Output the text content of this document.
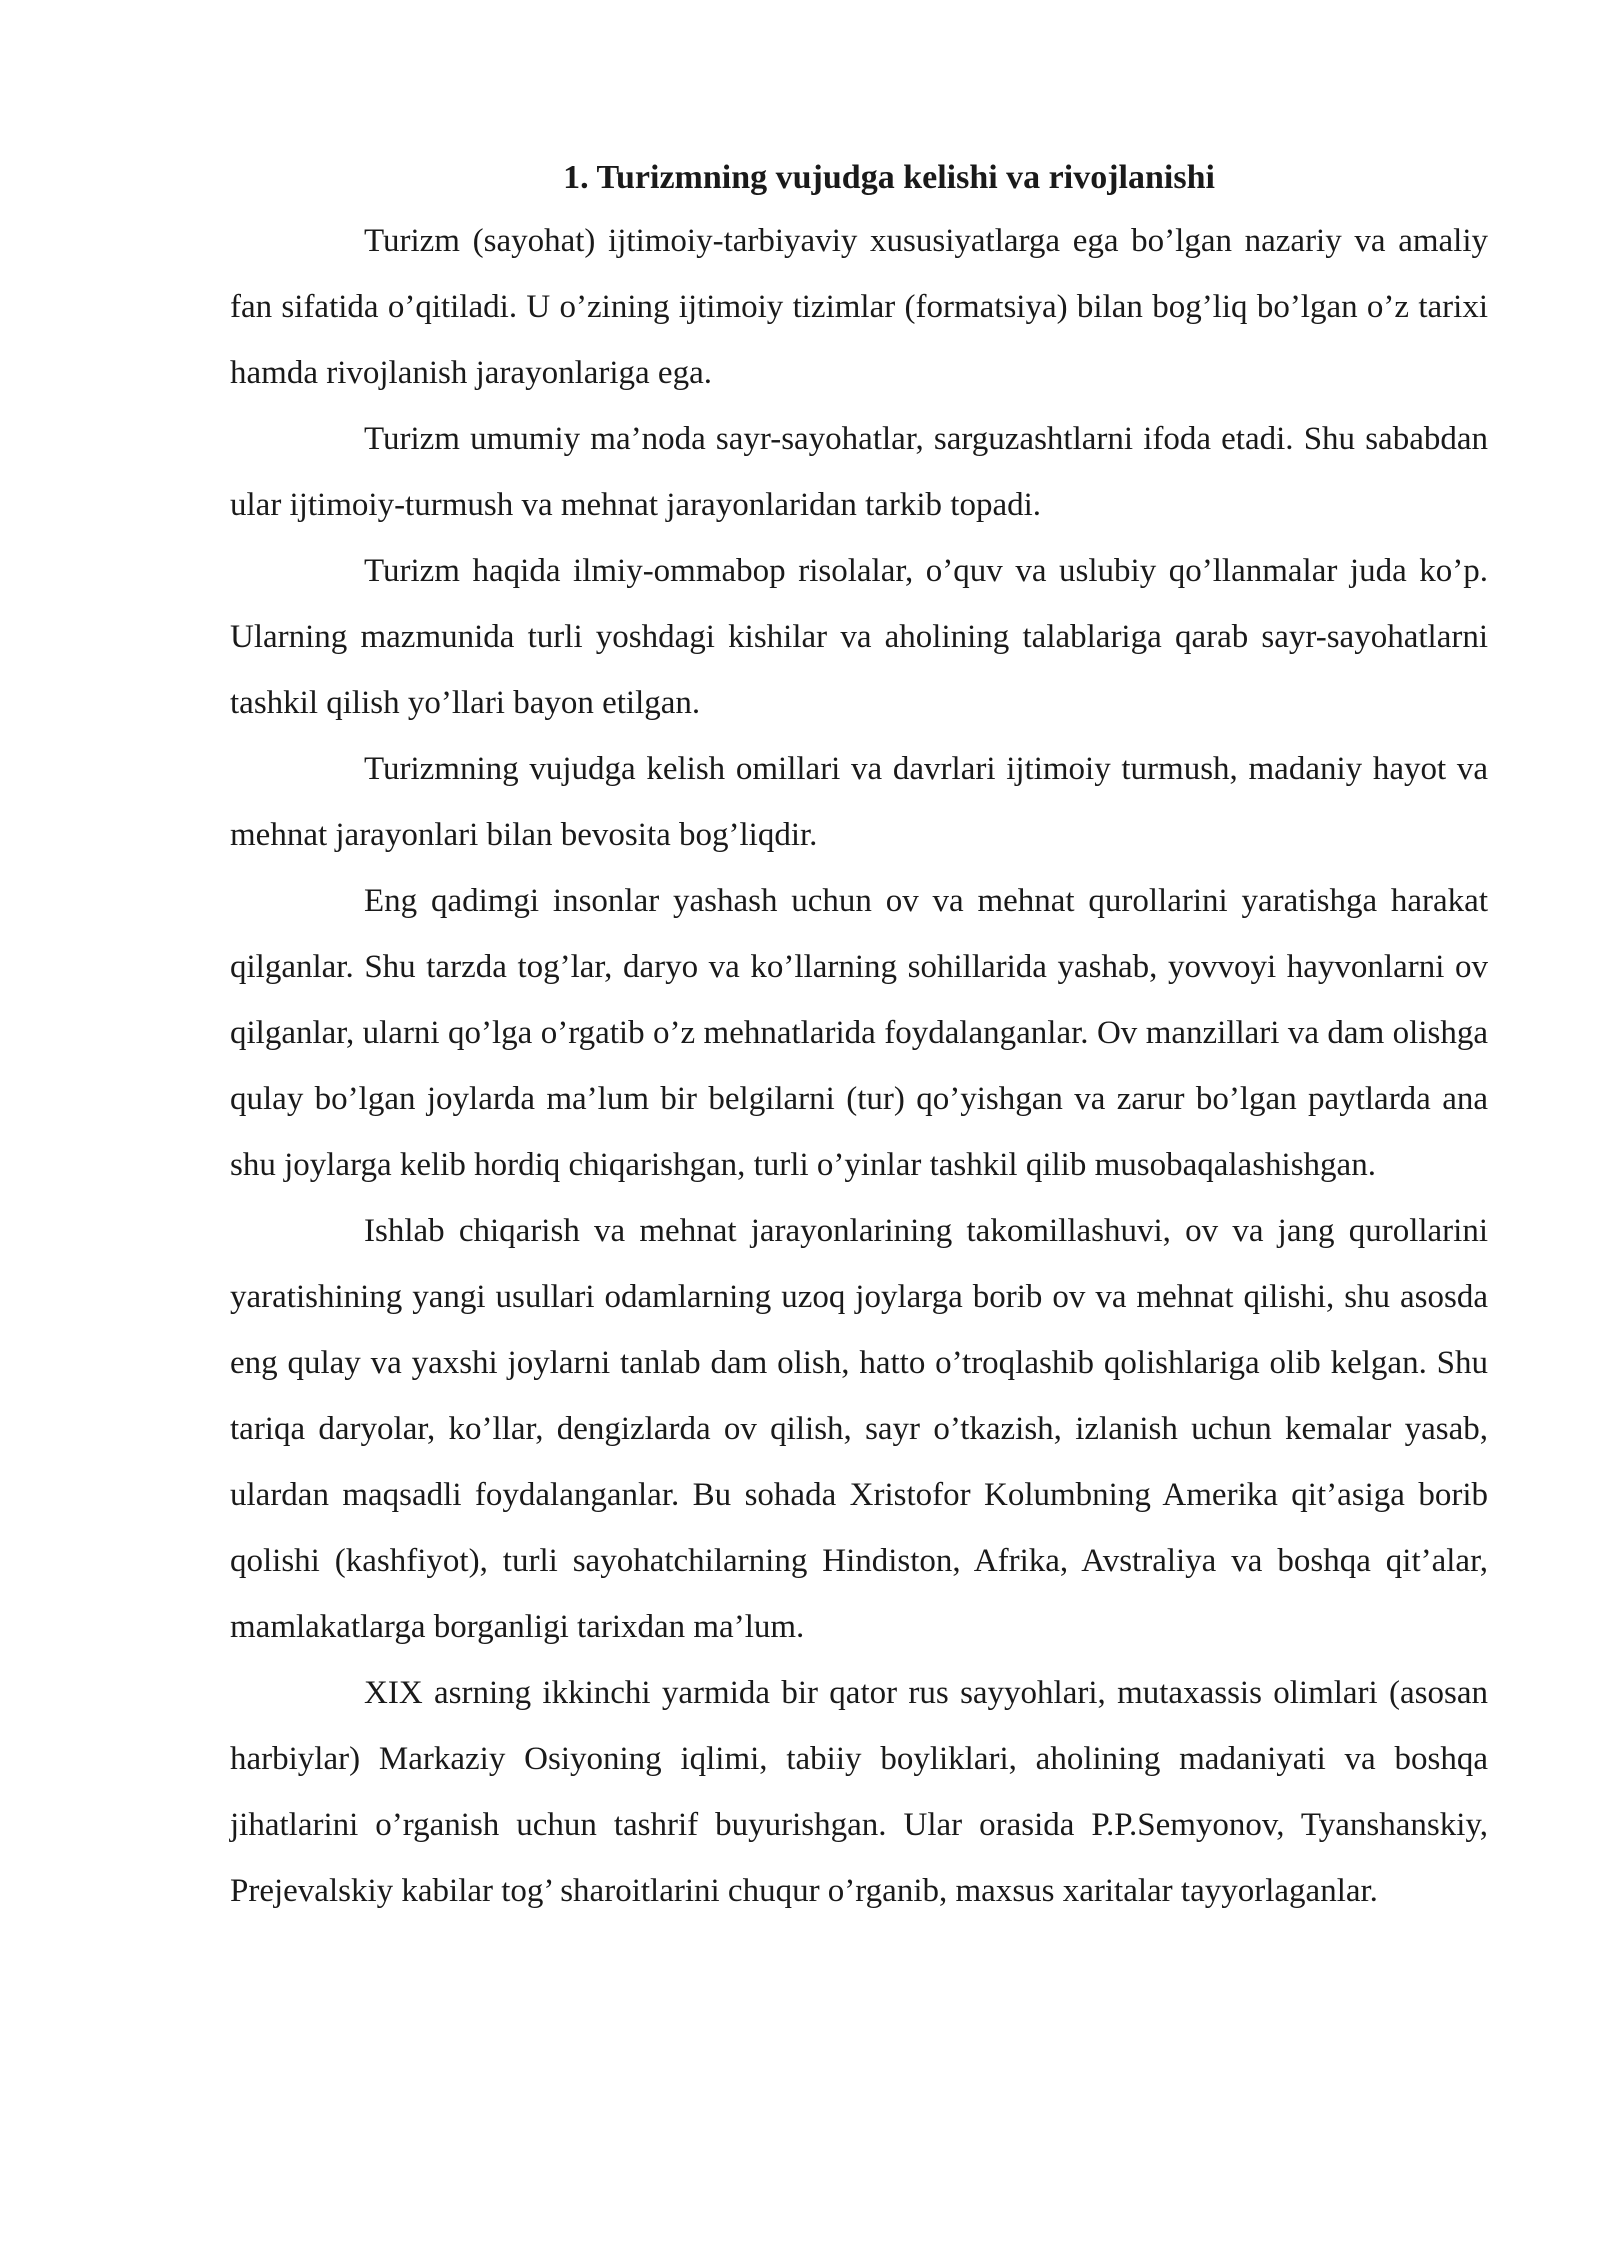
1. Turizmning vujudga kelishi va rivojlanishi

Turizm (sayohat) ijtimoiy-tarbiyaviy xususiyatlarga ega bo’lgan nazariy va amaliy fan sifatida o’qitiladi. U o’zining ijtimoiy tizimlar (formatsiya) bilan bog’liq bo’lgan o’z tarixi hamda rivojlanish jarayonlariga ega.

Turizm umumiy ma’noda sayr-sayohatlar, sarguzashtlarni ifoda etadi. Shu sababdan ular ijtimoiy-turmush va mehnat jarayonlaridan tarkib topadi.

Turizm haqida ilmiy-ommabop risolalar, o’quv va uslubiy qo’llanmalar juda ko’p. Ularning mazmunida turli yoshdagi kishilar va aholining talablariga qarab sayr-sayohatlarni tashkil qilish yo’llari bayon etilgan.

Turizmning vujudga kelish omillari va davrlari ijtimoiy turmush, madaniy hayot va mehnat jarayonlari bilan bevosita bog’liqdir.

Eng qadimgi insonlar yashash uchun ov va mehnat qurollarini yaratishga harakat qilganlar. Shu tarzda tog’lar, daryo va ko’llarning sohillarida yashab, yovvoyi hayvonlarni ov qilganlar, ularni qo’lga o’rgatib o’z mehnatlarida foydalanganlar. Ov manzillari va dam olishga qulay bo’lgan joylarda ma’lum bir belgilarni (tur) qo’yishgan va zarur bo’lgan paytlarda ana shu joylarga kelib hordiq chiqarishgan, turli o’yinlar tashkil qilib musobaqalashishgan.

Ishlab chiqarish va mehnat jarayonlarining takomillashuvi, ov va jang qurollarini yaratishining yangi usullari odamlarning uzoq joylarga borib ov va mehnat qilishi, shu asosda eng qulay va yaxshi joylarni tanlab dam olish, hatto o’troqlashib qolishlariga olib kelgan. Shu tariqa daryolar, ko’llar, dengizlarda ov qilish, sayr o’tkazish, izlanish uchun kemalar yasab, ulardan maqsadli foydalanganlar. Bu sohada Xristofor Kolumbning Amerika qit’asiga borib qolishi (kashfiyot), turli sayohatchilarning Hindiston, Afrika, Avstraliya va boshqa qit’alar, mamlakatlarga borganligi tarixdan ma’lum.

XIX asrning ikkinchi yarmida bir qator rus sayyohlari, mutaxassis olimlari (asosan harbiylar) Markaziy Osiyoning iqlimi, tabiiy boyliklari, aholining madaniyati va boshqa jihatlarini o’rganish uchun tashrif buyurishgan. Ular orasida P.P.Semyonov, Tyanshanskiy, Prejevalskiy kabilar tog’ sharoitlarini chuqur o’rganib, maxsus xaritalar tayyorlaganlar.
